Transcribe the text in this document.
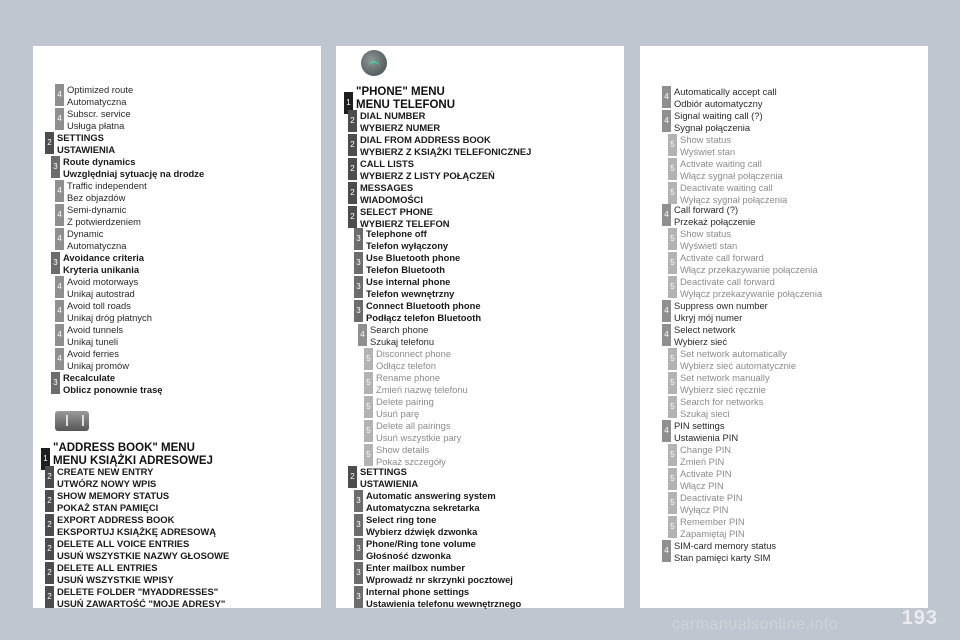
4 Optimized route
Automatyczna
4 Subscr. service
Usługa płatna
2 SETTINGS
USTAWIENIA
3 Route dynamics
Uwzględniaj sytuację na drodze
4 Traffic independent
Bez objazdów
4 Semi-dynamic
Z potwierdzeniem
4 Dynamic
Automatyczna
3 Avoidance criteria
Kryteria unikania
4 Avoid motorways
Unikaj autostrad
4 Avoid toll roads
Unikaj dróg płatnych
4 Avoid tunnels
Unikaj tuneli
4 Avoid ferries
Unikaj promów
3 Recalculate
Oblicz ponownie trasę
1
"ADDRESS BOOK" MENU
MENU KSIĄŻKI ADRESOWEJ
2 CREATE NEW ENTRY
UTWÓRZ NOWY WPIS
2 SHOW MEMORY STATUS
POKAŻ STAN PAMIĘCI
2 EXPORT ADDRESS BOOK
EKSPORTUJ KSIĄŻKĘ ADRESOWĄ
2 DELETE ALL VOICE ENTRIES
USUŃ WSZYSTKIE NAZWY GŁOSOWE
2 DELETE ALL ENTRIES
USUŃ WSZYSTKIE WPISY
2 DELETE FOLDER "MYADDRESSES"
USUŃ ZAWARTOŚĆ "MOJE ADRESY"
1
"PHONE" MENU
MENU TELEFONU
2 DIAL NUMBER
WYBIERZ NUMER
2 DIAL FROM ADDRESS BOOK
WYBIERZ Z KSIĄŻKI TELEFONICZNEJ
2 CALL LISTS
WYBIERZ Z LISTY POŁĄCZEŃ
2 MESSAGES
WIADOMOŚCI
2 SELECT PHONE
WYBIERZ TELEFON
3 Telephone off
Telefon wyłączony
3 Use Bluetooth phone
Telefon Bluetooth
3 Use internal phone
Telefon wewnętrzny
3 Connect Bluetooth phone
Podłącz telefon Bluetooth
4 Search phone
Szukaj telefonu
5 Disconnect phone
Odłącz telefon
5 Rename phone
Zmień nazwę telefonu
5 Delete pairing
Usuń parę
5 Delete all pairings
Usuń wszystkie pary
5 Show details
Pokaż szczegóły
2 SETTINGS
USTAWIENIA
3 Automatic answering system
Automatyczna sekretarka
3 Select ring tone
Wybierz dźwięk dzwonka
3 Phone/Ring tone volume
Głośność dzwonka
3 Enter mailbox number
Wprowadź nr skrzynki pocztowej
3 Internal phone settings
Ustawienia telefonu wewnętrznego
4 Automatically accept call
Odbiór automatyczny
4 Signal waiting call (?)
Sygnał połączenia
5 Show status
Wyświet stan
5 Activate waiting call
Włącz sygnał połączenia
5 Deactivate waiting call
Wyłącz sygnał połączenia
4 Call forward (?)
Przekaż połączenie
5 Show status
Wyświetl stan
5 Activate call forward
Włącz przekazywanie połączenia
5 Deactivate call forward
Wyłącz przekazywanie połączenia
4 Suppress own number
Ukryj mój numer
4 Select network
Wybierz sieć
5 Set network automatically
Wybierz sieć automatycznie
5 Set network manually
Wybierz sieć ręcznie
5 Search for networks
Szukaj sieci
4 PIN settings
Ustawienia PIN
5 Change PIN
Zmień PIN
5 Activate PIN
Włącz PIN
5 Deactivate PIN
Wyłącz PIN
5 Remember PIN
Zapamiętaj PIN
4 SIM-card memory status
Stan pamięci karty SIM
carmanualsonline.info	193
